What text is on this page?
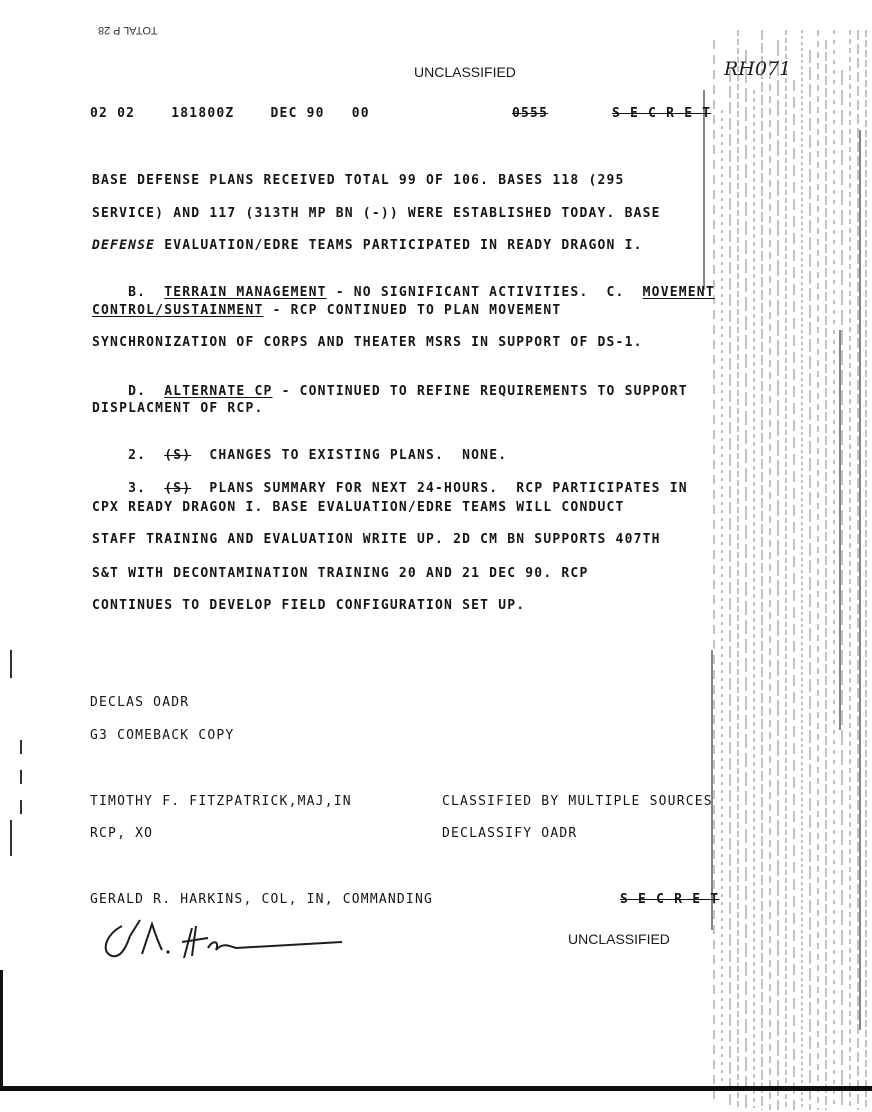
TOTAL P 28
UNCLASSIFIED	RH071
02 02    181800Z    DEC 90   00	0555	S E C R E T
BASE DEFENSE PLANS RECEIVED TOTAL 99 OF 106. BASES 118 (295
SERVICE) AND 117 (313TH MP BN (-)) WERE ESTABLISHED TODAY. BASE
DEFENSE EVALUATION/EDRE TEAMS PARTICIPATED IN READY DRAGON I.

B.  TERRAIN MANAGEMENT - NO SIGNIFICANT ACTIVITIES.  C.  MOVEMENT

CONTROL/SUSTAINMENT - RCP CONTINUED TO PLAN MOVEMENT
SYNCHRONIZATION OF CORPS AND THEATER MSRS IN SUPPORT OF DS-1.

D.  ALTERNATE CP - CONTINUED TO REFINE REQUIREMENTS TO SUPPORT

DISPLACMENT OF RCP.

2.  (S)  CHANGES TO EXISTING PLANS.  NONE.

3.  (S)  PLANS SUMMARY FOR NEXT 24-HOURS.  RCP PARTICIPATES IN

CPX READY DRAGON I. BASE EVALUATION/EDRE TEAMS WILL CONDUCT
STAFF TRAINING AND EVALUATION WRITE UP. 2D CM BN SUPPORTS 407TH
S&T WITH DECONTAMINATION TRAINING 20 AND 21 DEC 90. RCP
CONTINUES TO DEVELOP FIELD CONFIGURATION SET UP.
DECLAS OADR
G3 COMEBACK COPY
TIMOTHY F. FITZPATRICK,MAJ,IN
RCP, XO
CLASSIFIED BY MULTIPLE SOURCES
DECLASSIFY OADR
GERALD R. HARKINS, COL, IN, COMMANDING	S E C R E T
UNCLASSIFIED
